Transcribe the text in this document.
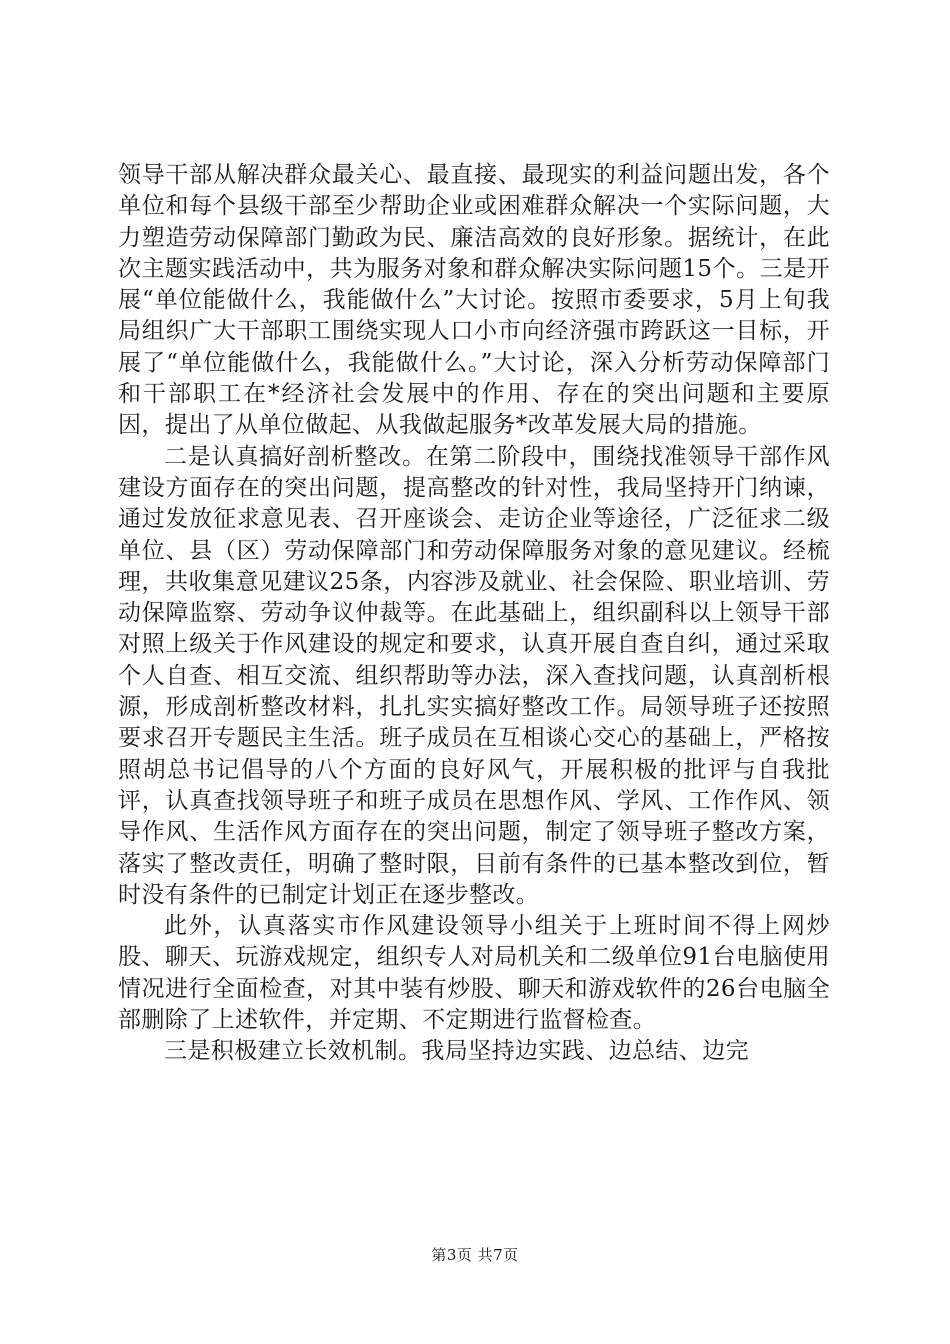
领导干部从解决群众最关心、最直接、最现实的利益问题出发，各个单位和每个县级干部至少帮助企业或困难群众解决一个实际问题，大力塑造劳动保障部门勤政为民、廉洁高效的良好形象。据统计，在此次主题实践活动中，共为服务对象和群众解决实际问题15个。三是开展“单位能做什么，我能做什么”大讨论。按照市委要求，5月上旬我局组织广大干部职工围绕实现人口小市向经济强市跨跃这一目标，开展了“单位能做什么，我能做什么。”大讨论，深入分析劳动保障部门和干部职工在*经济社会发展中的作用、存在的突出问题和主要原因，提出了从单位做起、从我做起服务*改革发展大局的措施。

二是认真搞好剖析整改。在第二阶段中，围绕找准领导干部作风建设方面存在的突出问题，提高整改的针对性，我局坚持开门纳谏，通过发放征求意见表、召开座谈会、走访企业等途径，广泛征求二级单位、县（区）劳动保障部门和劳动保障服务对象的意见建议。经梳理，共收集意见建议25条，内容涉及就业、社会保险、职业培训、劳动保障监察、劳动争议仲裁等。在此基础上，组织副科以上领导干部对照上级关于作风建设的规定和要求，认真开展自查自纠，通过采取个人自查、相互交流、组织帮助等办法，深入查找问题，认真剖析根源，形成剖析整改材料，扎扎实实搞好整改工作。局领导班子还按照要求召开专题民主生活。班子成员在互相谈心交心的基础上，严格按照胡总书记倡导的八个方面的良好风气，开展积极的批评与自我批评，认真查找领导班子和班子成员在思想作风、学风、工作作风、领导作风、生活作风方面存在的突出问题，制定了领导班子整改方案，落实了整改责任，明确了整时限，目前有条件的已基本整改到位，暂时没有条件的已制定计划正在逐步整改。

此外，认真落实市作风建设领导小组关于上班时间不得上网炒股、聊天、玩游戏规定，组织专人对局机关和二级单位91台电脑使用情况进行全面检查，对其中装有炒股、聊天和游戏软件的26台电脑全部删除了上述软件，并定期、不定期进行监督检查。

三是积极建立长效机制。我局坚持边实践、边总结、边完

第3页 共7页
